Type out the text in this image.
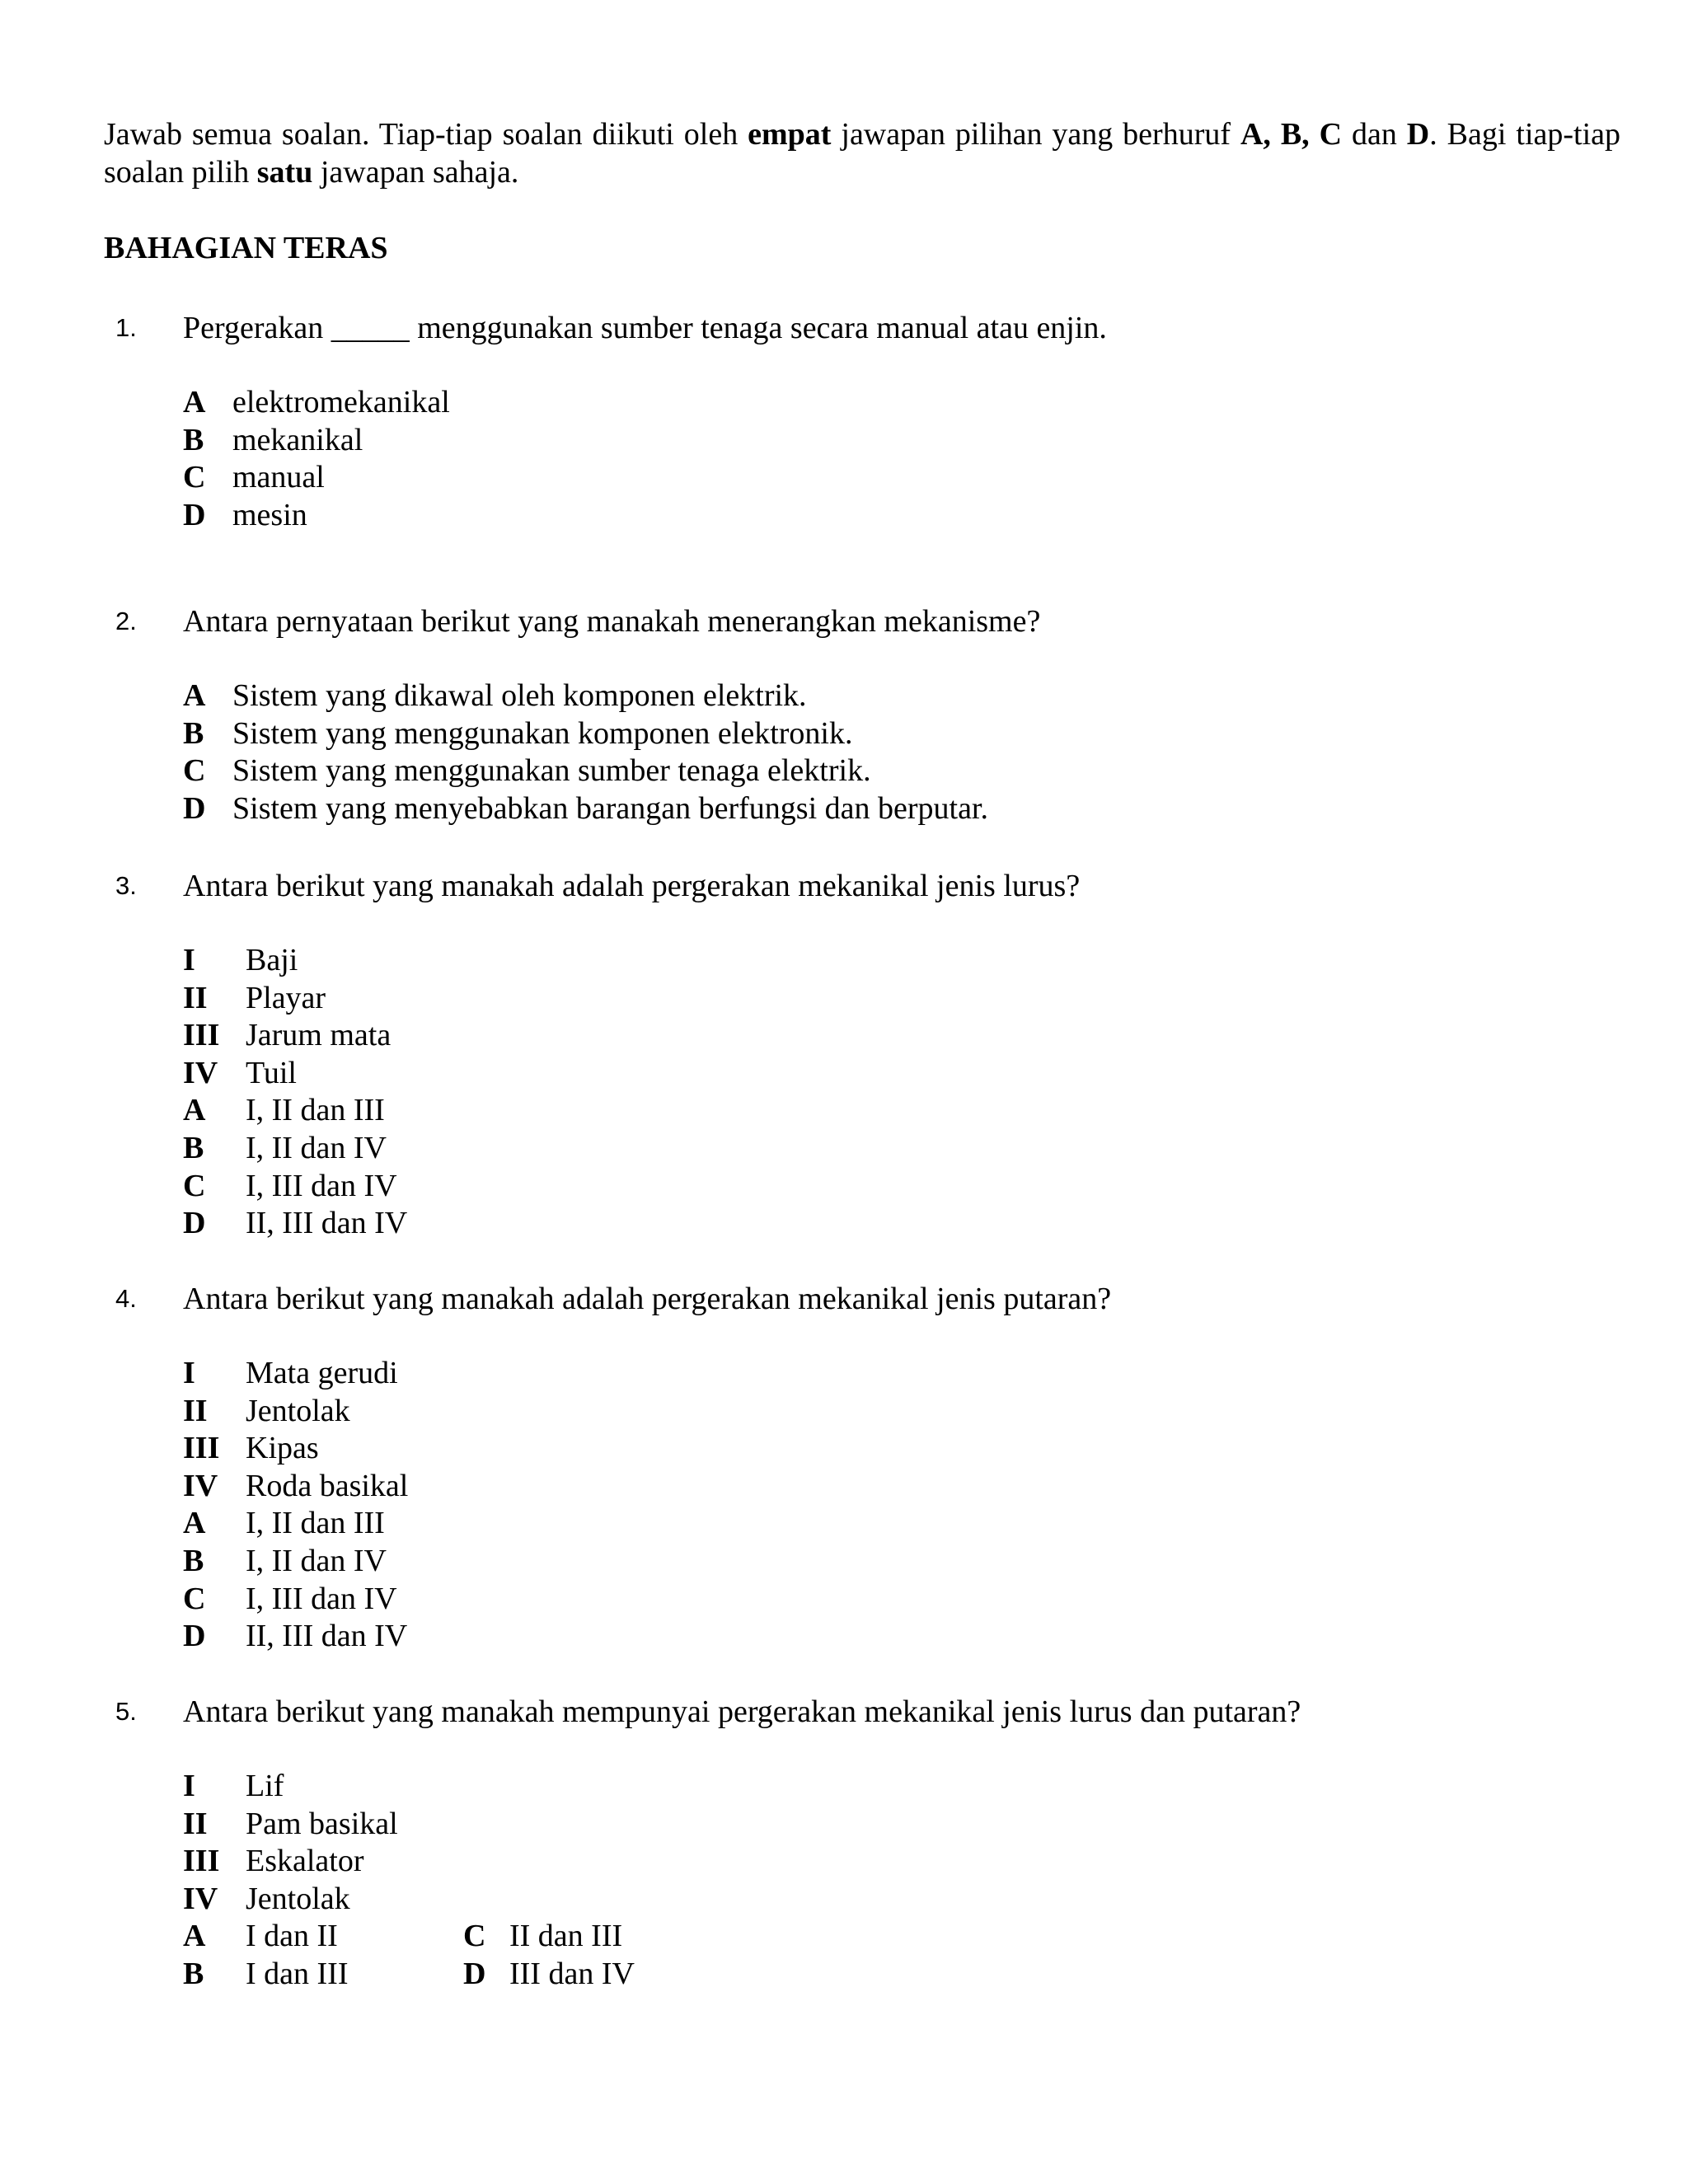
Jawab semua soalan. Tiap-tiap soalan diikuti oleh empat jawapan pilihan yang berhuruf A, B, C dan D. Bagi tiap-tiap soalan pilih satu jawapan sahaja.
BAHAGIAN TERAS
1. Pergerakan _____ menggunakan sumber tenaga secara manual atau enjin.
A elektromekanikal
B mekanikal
C manual
D mesin
2. Antara pernyataan berikut yang manakah menerangkan mekanisme?
A Sistem yang dikawal oleh komponen elektrik.
B Sistem yang menggunakan komponen elektronik.
C Sistem yang menggunakan sumber tenaga elektrik.
D Sistem yang menyebabkan barangan berfungsi dan berputar.
3. Antara berikut yang manakah adalah pergerakan mekanikal jenis lurus?
I Baji
II Playar
III Jarum mata
IV Tuil
A I, II dan III
B I, II dan IV
C I, III dan IV
D II, III dan IV
4. Antara berikut yang manakah adalah pergerakan mekanikal jenis putaran?
I Mata gerudi
II Jentolak
III Kipas
IV Roda basikal
A I, II dan III
B I, II dan IV
C I, III dan IV
D II, III dan IV
5. Antara berikut yang manakah mempunyai pergerakan mekanikal jenis lurus dan putaran?
I Lif
II Pam basikal
III Eskalator
IV Jentolak
A I dan II	C II dan III
B I dan III	D III dan IV
